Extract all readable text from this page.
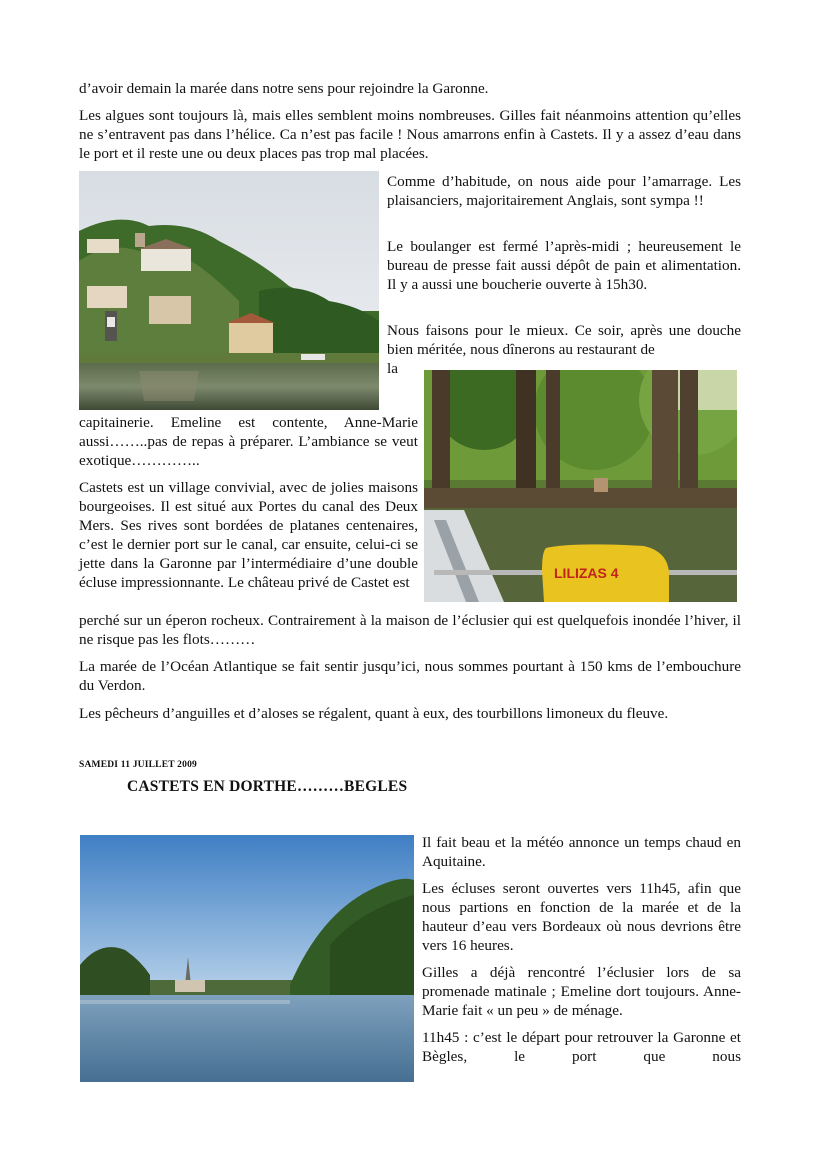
d’avoir demain la marée dans notre sens pour rejoindre la Garonne.

Les algues sont toujours là, mais elles semblent moins nombreuses. Gilles fait néanmoins attention qu’elles ne s’entravent pas dans l’hélice. Ca n’est pas facile ! Nous amarrons enfin à Castets. Il y a assez d’eau dans le port et il reste une ou deux places pas trop mal placées.

Comme d’habitude, on nous aide pour l’amarrage. Les plaisanciers, majoritairement Anglais, sont sympa !!

Le boulanger est fermé l’après-midi ; heureusement le bureau de presse fait aussi dépôt de pain et alimentation. Il y a aussi une boucherie ouverte à 15h30.

Nous faisons pour le mieux. Ce soir, après une douche bien méritée, nous dînerons au restaurant de

la

LILIZAS 4

capitainerie. Emeline est contente, Anne-Marie aussi……..pas de repas à préparer. L’ambiance se veut exotique…………..

Castets est un village convivial, avec de jolies maisons bourgeoises. Il est situé aux Portes du canal des Deux Mers. Ses rives sont bordées de platanes centenaires, c’est le dernier port sur le canal, car ensuite, celui-ci se jette dans la Garonne par l’intermédiaire d’une double écluse impressionnante. Le château privé de Castet est

perché sur un éperon rocheux. Contrairement à la maison de l’éclusier qui est quelquefois inondée l’hiver, il ne risque pas les flots………

La marée de l’Océan Atlantique se fait sentir jusqu’ici, nous sommes pourtant à 150 kms de l’embouchure du Verdon.

Les pêcheurs d’anguilles et d’aloses se régalent, quant à eux, des tourbillons limoneux du fleuve.

SAMEDI 11 JUILLET 2009
CASTETS EN DORTHE………BEGLES

Il fait beau et la météo annonce un temps chaud en Aquitaine.

Les écluses seront ouvertes vers 11h45, afin que nous partions en fonction de la marée et de la hauteur d’eau vers Bordeaux où nous devrions être vers 16 heures.

Gilles a déjà rencontré l’éclusier lors de sa promenade matinale ; Emeline dort toujours. Anne-Marie fait « un peu » de ménage.

11h45 : c’est le départ pour retrouver la Garonne et Bègles, le port que nous
